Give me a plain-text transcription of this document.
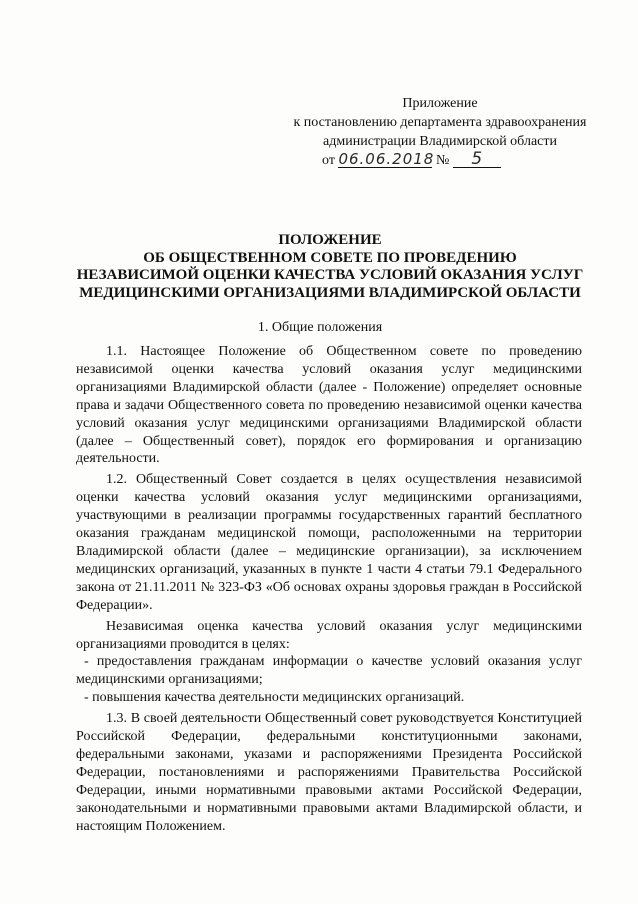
Приложение
к постановлению департамента здравоохранения
администрации Владимирской области
от 06.06.2018 № 5
ПОЛОЖЕНИЕ
ОБ ОБЩЕСТВЕННОМ СОВЕТЕ ПО ПРОВЕДЕНИЮ
НЕЗАВИСИМОЙ ОЦЕНКИ КАЧЕСТВА УСЛОВИЙ ОКАЗАНИЯ УСЛУГ
МЕДИЦИНСКИМИ ОРГАНИЗАЦИЯМИ ВЛАДИМИРСКОЙ ОБЛАСТИ
1. Общие положения

1.1. Настоящее Положение об Общественном совете по проведению независимой оценки качества условий оказания услуг медицинскими организациями Владимирской области (далее - Положение) определяет основные права и задачи Общественного совета по проведению независимой оценки качества условий оказания услуг медицинскими организациями Владимирской области (далее – Общественный совет), порядок его формирования и организацию деятельности.

1.2. Общественный Совет создается в целях осуществления независимой оценки качества условий оказания услуг медицинскими организациями, участвующими в реализации программы государственных гарантий бесплатного оказания гражданам медицинской помощи, расположенными на территории Владимирской области (далее – медицинские организации), за исключением медицинских организаций, указанных в пункте 1 части 4 статьи 79.1 Федерального закона от 21.11.2011 № 323-ФЗ «Об основах охраны здоровья граждан в Российской Федерации».

Независимая оценка качества условий оказания услуг медицинскими организациями проводится в целях:

- предоставления гражданам информации о качестве условий оказания услуг медицинскими организациями;

- повышения качества деятельности медицинских организаций.

1.3. В своей деятельности Общественный совет руководствуется Конституцией Российской Федерации, федеральными конституционными законами, федеральными законами, указами и распоряжениями Президента Российской Федерации, постановлениями и распоряжениями Правительства Российской Федерации, иными нормативными правовыми актами Российской Федерации, законодательными и нормативными правовыми актами Владимирской области, и настоящим Положением.
